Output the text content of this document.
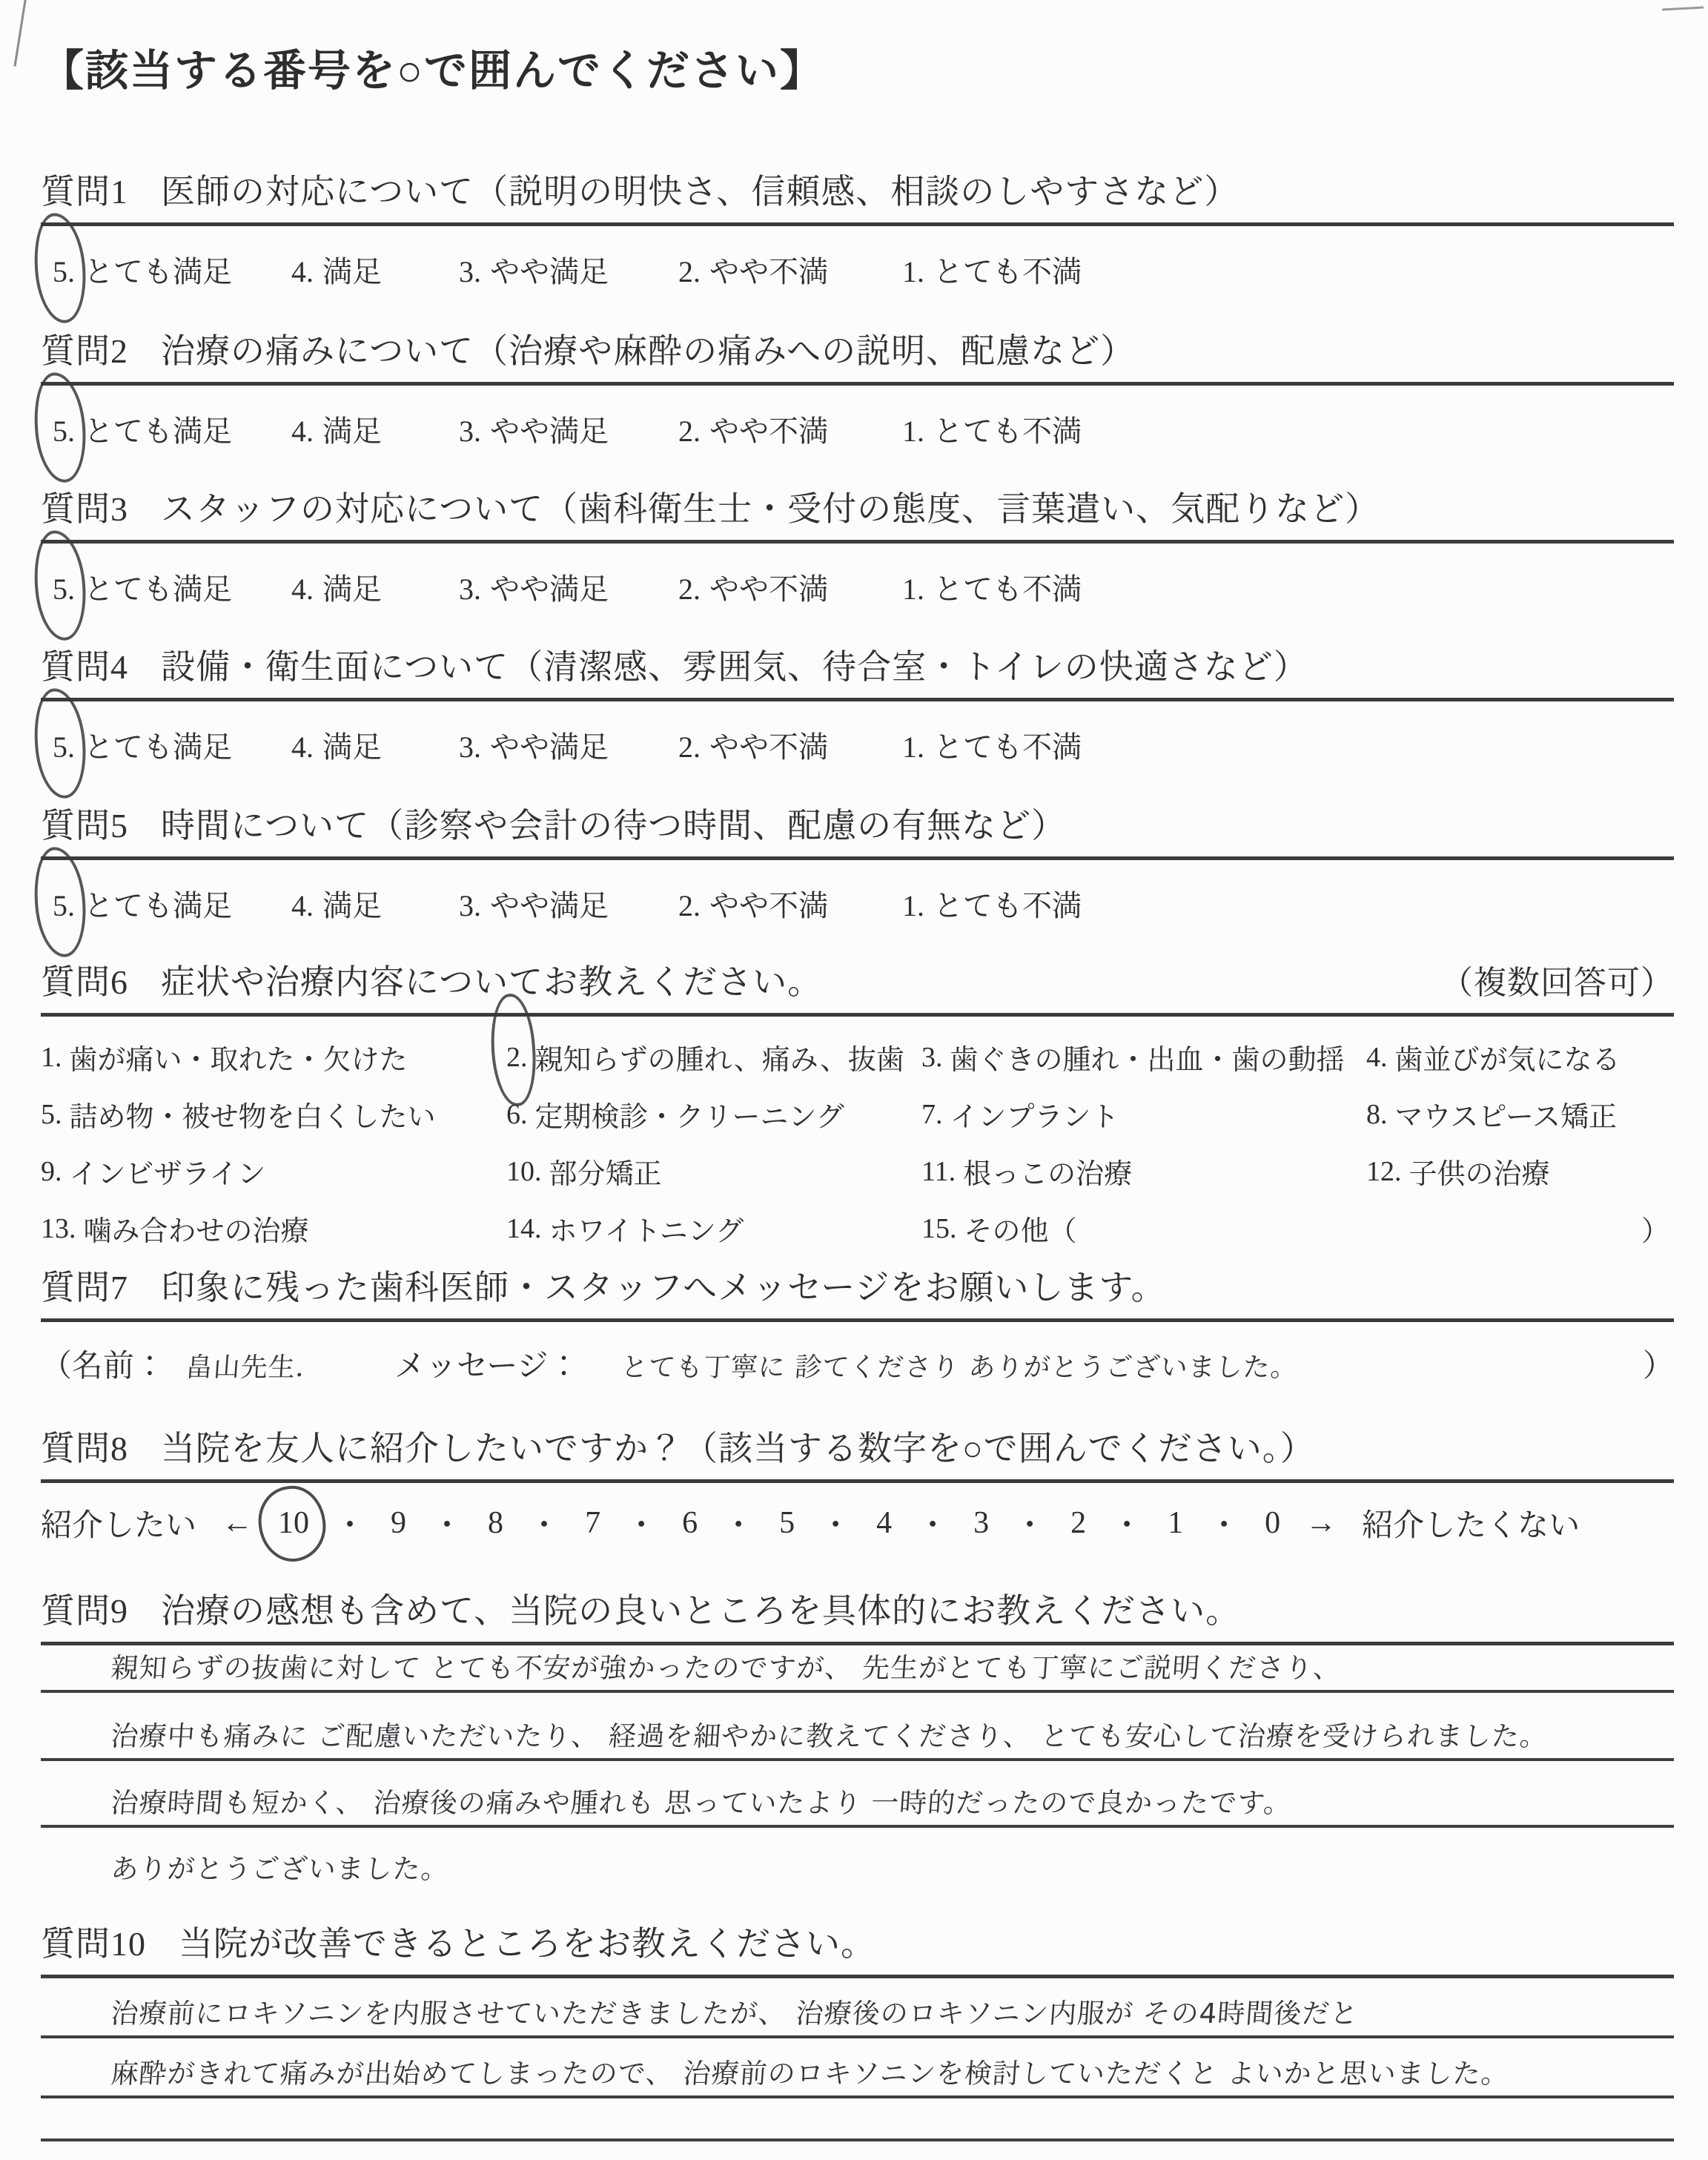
【該当する番号を○で囲んでください】
質問1 医師の対応について（説明の明快さ、信頼感、相談のしやすさなど）
5. とても満足	4. 満足	3. やや満足	2. やや不満	1. とても不満
質問2 治療の痛みについて（治療や麻酔の痛みへの説明、配慮など）
5. とても満足	4. 満足	3. やや満足	2. やや不満	1. とても不満
質問3 スタッフの対応について（歯科衛生士・受付の態度、言葉遣い、気配りなど）
5. とても満足	4. 満足	3. やや満足	2. やや不満	1. とても不満
質問4 設備・衛生面について（清潔感、雰囲気、待合室・トイレの快適さなど）
5. とても満足	4. 満足	3. やや満足	2. やや不満	1. とても不満
質問5 時間について（診察や会計の待つ時間、配慮の有無など）
5. とても満足	4. 満足	3. やや満足	2. やや不満	1. とても不満
質問6 症状や治療内容についてお教えください。	（複数回答可）
1. 歯が痛い・取れた・欠けた	2. 親知らずの腫れ、痛み、抜歯 3. 歯ぐきの腫れ・出血・歯の動揺 4. 歯並びが気になる
5. 詰め物・被せ物を白くしたい	6. 定期検診・クリーニング	7. インプラント	8. マウスピース矯正
9. インビザライン	10. 部分矯正	11. 根っこの治療	12. 子供の治療
13. 噛み合わせの治療	14. ホワイトニング	15. その他（	）
質問7 印象に残った歯科医師・スタッフへメッセージをお願いします。
（名前： 畠山先生． メッセージ： とても丁寧に 診てくださり ありがとうございました。	）
質問8 当院を友人に紹介したいですか？（該当する数字を○で囲んでください。）
紹介したい ← 10 ・ 9 ・ 8 ・ 7 ・ 6 ・ 5 ・ 4 ・ 3 ・ 2 ・ 1 ・ 0 → 紹介したくない
質問9 治療の感想も含めて、当院の良いところを具体的にお教えください。
親知らずの抜歯に対して とても不安が強かったのですが、 先生がとても丁寧にご説明くださり、
治療中も痛みに ご配慮いただいたり、 経過を細やかに教えてくださり、 とても安心して治療を受けられました。
治療時間も短かく、 治療後の痛みや腫れも 思っていたより 一時的だったので良かったです。
ありがとうございました。
質問10 当院が改善できるところをお教えください。
治療前にロキソニンを内服させていただきましたが、 治療後のロキソニン内服が その4時間後だと
麻酔がきれて痛みが出始めてしまったので、 治療前のロキソニンを検討していただくと よいかと思いました。
